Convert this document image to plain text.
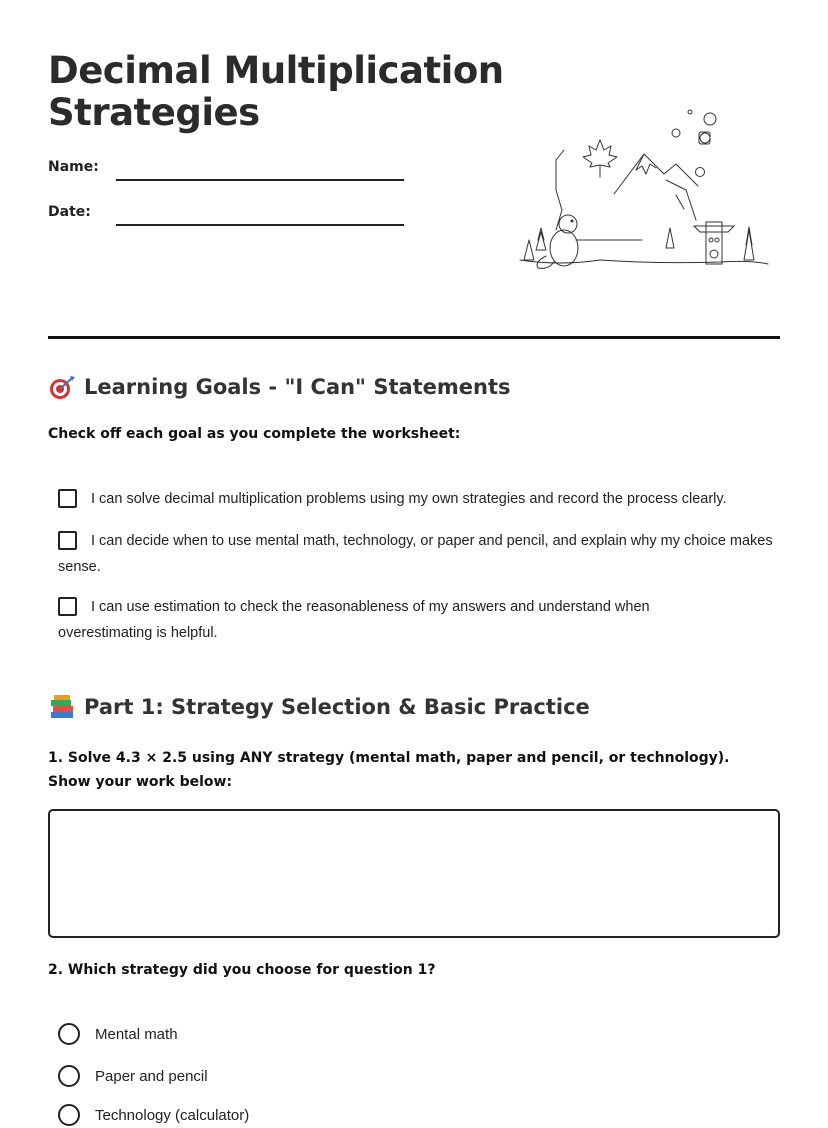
Decimal Multiplication Strategies
Name:
Date:
Learning Goals - "I Can" Statements
Check off each goal as you complete the worksheet:
I can solve decimal multiplication problems using my own strategies and record the process clearly.
I can decide when to use mental math, technology, or paper and pencil, and explain why my choice makes sense.
I can use estimation to check the reasonableness of my answers and understand when overestimating is helpful.
Part 1: Strategy Selection & Basic Practice
1. Solve 4.3 × 2.5 using ANY strategy (mental math, paper and pencil, or technology). Show your work below:
2. Which strategy did you choose for question 1?
Mental math
Paper and pencil
Technology (calculator)
